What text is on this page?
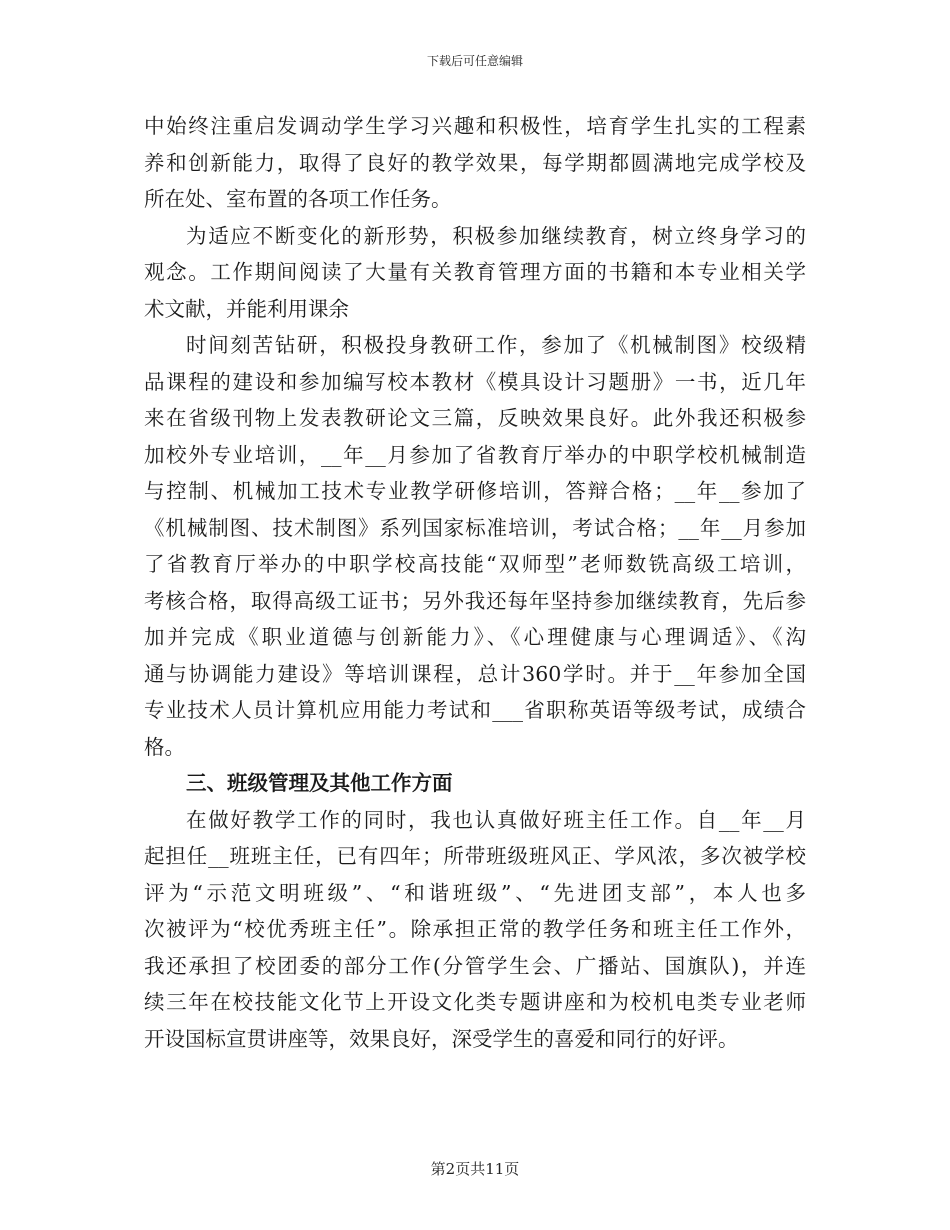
下载后可任意编辑
中始终注重启发调动学生学习兴趣和积极性，培育学生扎实的工程素
养和创新能力，取得了良好的教学效果，每学期都圆满地完成学校及
所在处、室布置的各项工作任务。
为适应不断变化的新形势，积极参加继续教育，树立终身学习的
观念。工作期间阅读了大量有关教育管理方面的书籍和本专业相关学
术文献，并能利用课余
时间刻苦钻研，积极投身教研工作，参加了《机械制图》校级精
品课程的建设和参加编写校本教材《模具设计习题册》一书，近几年
来在省级刊物上发表教研论文三篇，反映效果良好。此外我还积极参
加校外专业培训，__年__月参加了省教育厅举办的中职学校机械制造
与控制、机械加工技术专业教学研修培训，答辩合格；__年__参加了
《机械制图、技术制图》系列国家标准培训，考试合格；__年__月参加
了省教育厅举办的中职学校高技能“双师型”老师数铣高级工培训，
考核合格，取得高级工证书；另外我还每年坚持参加继续教育，先后参
加并完成《职业道德与创新能力》、《心理健康与心理调适》、《沟
通与协调能力建设》等培训课程，总计360学时。并于__年参加全国
专业技术人员计算机应用能力考试和___省职称英语等级考试，成绩合
格。
三、班级管理及其他工作方面
在做好教学工作的同时，我也认真做好班主任工作。自__年__月
起担任__班班主任，已有四年；所带班级班风正、学风浓，多次被学校
评为“示范文明班级”、“和谐班级”、“先进团支部”，本人也多
次被评为“校优秀班主任”。除承担正常的教学任务和班主任工作外，
我还承担了校团委的部分工作(分管学生会、广播站、国旗队)，并连
续三年在校技能文化节上开设文化类专题讲座和为校机电类专业老师
开设国标宣贯讲座等，效果良好，深受学生的喜爱和同行的好评。
第2页共11页
